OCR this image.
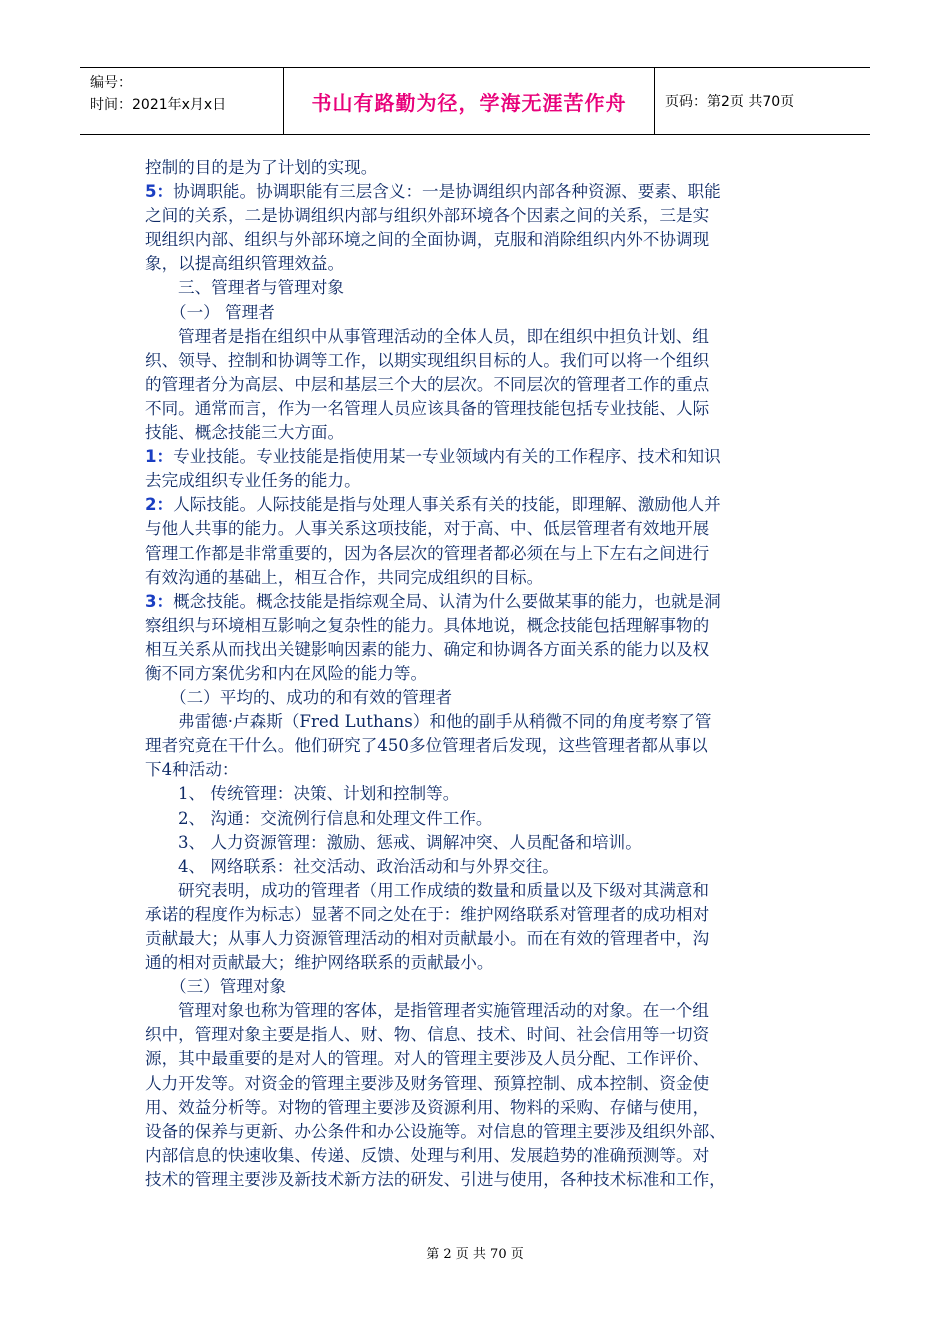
编号：
时间：2021年x月x日	书山有路勤为径，学海无涯苦作舟	页码：第2页 共70页

控制的目的是为了计划的实现。

5：协调职能。协调职能有三层含义：一是协调组织内部各种资源、要素、职能

之间的关系，二是协调组织内部与组织外部环境各个因素之间的关系，三是实

现组织内部、组织与外部环境之间的全面协调，克服和消除组织内外不协调现

象，以提高组织管理效益。

三、管理者与管理对象

（一） 管理者

管理者是指在组织中从事管理活动的全体人员，即在组织中担负计划、组

织、领导、控制和协调等工作，以期实现组织目标的人。我们可以将一个组织

的管理者分为高层、中层和基层三个大的层次。不同层次的管理者工作的重点

不同。通常而言，作为一名管理人员应该具备的管理技能包括专业技能、人际

技能、概念技能三大方面。

1：专业技能。专业技能是指使用某一专业领域内有关的工作程序、技术和知识

去完成组织专业任务的能力。

2：人际技能。人际技能是指与处理人事关系有关的技能，即理解、激励他人并

与他人共事的能力。人事关系这项技能，对于高、中、低层管理者有效地开展

管理工作都是非常重要的，因为各层次的管理者都必须在与上下左右之间进行

有效沟通的基础上，相互合作，共同完成组织的目标。

3：概念技能。概念技能是指综观全局、认清为什么要做某事的能力，也就是洞

察组织与环境相互影响之复杂性的能力。具体地说，概念技能包括理解事物的

相互关系从而找出关键影响因素的能力、确定和协调各方面关系的能力以及权

衡不同方案优劣和内在风险的能力等。

（二）平均的、成功的和有效的管理者

弗雷德·卢森斯（Fred Luthans）和他的副手从稍微不同的角度考察了管

理者究竟在干什么。他们研究了450多位管理者后发现，这些管理者都从事以

下4种活动：

1、 传统管理：决策、计划和控制等。

2、 沟通：交流例行信息和处理文件工作。

3、 人力资源管理：激励、惩戒、调解冲突、人员配备和培训。

4、 网络联系：社交活动、政治活动和与外界交往。

研究表明，成功的管理者（用工作成绩的数量和质量以及下级对其满意和

承诺的程度作为标志）显著不同之处在于：维护网络联系对管理者的成功相对

贡献最大；从事人力资源管理活动的相对贡献最小。而在有效的管理者中，沟

通的相对贡献最大；维护网络联系的贡献最小。

（三）管理对象

管理对象也称为管理的客体，是指管理者实施管理活动的对象。在一个组

织中，管理对象主要是指人、财、物、信息、技术、时间、社会信用等一切资

源，其中最重要的是对人的管理。对人的管理主要涉及人员分配、工作评价、

人力开发等。对资金的管理主要涉及财务管理、预算控制、成本控制、资金使

用、效益分析等。对物的管理主要涉及资源利用、物料的采购、存储与使用，

设备的保养与更新、办公条件和办公设施等。对信息的管理主要涉及组织外部、

内部信息的快速收集、传递、反馈、处理与利用、发展趋势的准确预测等。对

技术的管理主要涉及新技术新方法的研发、引进与使用，各种技术标准和工作，

第 2 页 共 70 页
